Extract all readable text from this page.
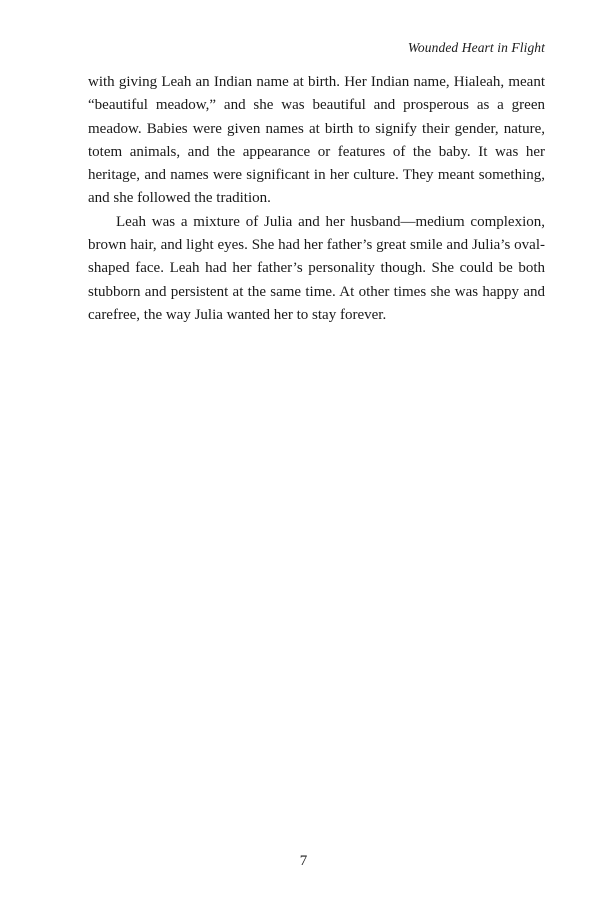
Wounded Heart in Flight

with giving Leah an Indian name at birth. Her Indian name, Hialeah, meant “beautiful meadow,” and she was beautiful and prosperous as a green meadow. Babies were given names at birth to signify their gender, nature, totem animals, and the appearance or features of the baby. It was her heritage, and names were significant in her culture. They meant something, and she followed the tradition.

Leah was a mixture of Julia and her husband—medium complexion, brown hair, and light eyes. She had her father’s great smile and Julia’s oval-shaped face. Leah had her father’s personality though. She could be both stubborn and persistent at the same time. At other times she was happy and carefree, the way Julia wanted her to stay forever.

7
